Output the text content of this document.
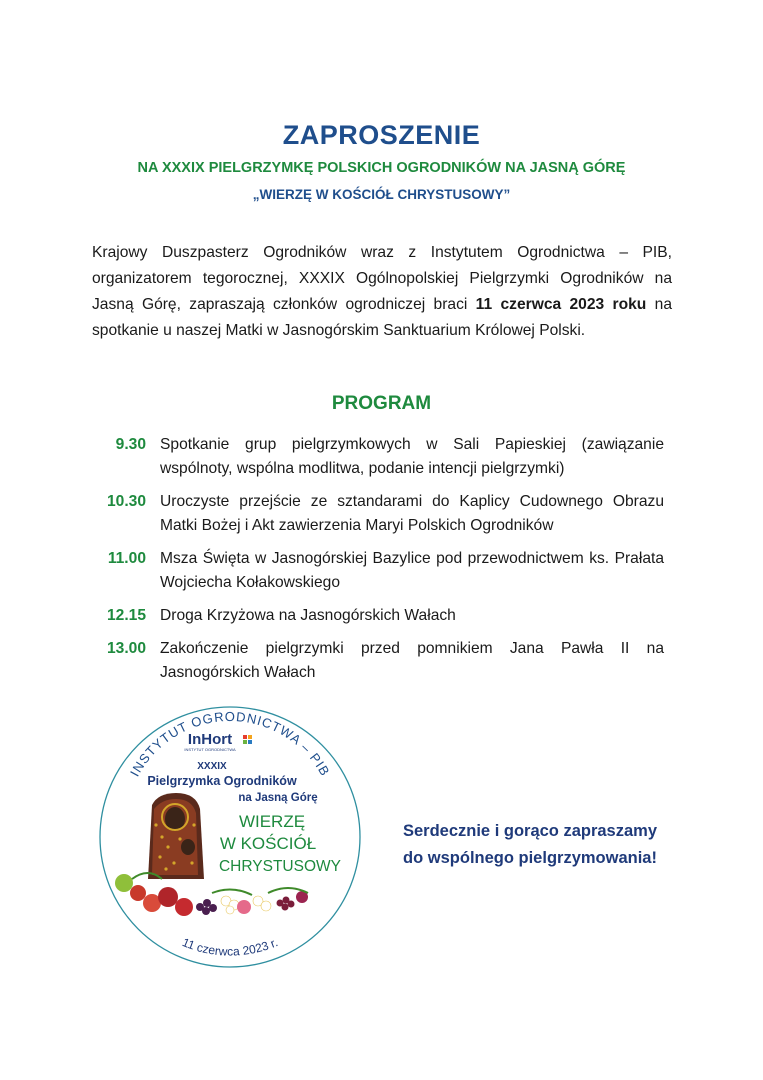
ZAPROSZENIE
NA XXXIX PIELGRZYMKĘ POLSKICH OGRODNIKÓW NA JASNĄ GÓRĘ
„WIERZĘ W KOŚCIÓŁ CHRYSTUSOWY”
Krajowy Duszpasterz Ogrodników wraz z Instytutem Ogrodnictwa – PIB, organizatorem tegorocznej, XXXIX Ogólnopolskiej Pielgrzymki Ogrodników na Jasną Górę, zapraszają członków ogrodniczej braci 11 czerwca 2023 roku na spotkanie u naszej Matki w Jasnogórskim Sanktuarium Królowej Polski.
PROGRAM
9.30 Spotkanie grup pielgrzymkowych w Sali Papieskiej (zawiązanie wspólnoty, wspólna modlitwa, podanie intencji pielgrzymki)
10.30 Uroczyste przejście ze sztandarami do Kaplicy Cudownego Obrazu Matki Bożej i Akt zawierzenia Maryi Polskich Ogrodników
11.00 Msza Święta w Jasnogórskiej Bazylice pod przewodnictwem ks. Prałata Wojciecha Kołakowskiego
12.15 Droga Krzyżowa na Jasnogórskich Wałach
13.00 Zakończenie pielgrzymki przed pomnikiem Jana Pawła II na Jasnogórskich Wałach
INSTYTUT OGRODNICTWA – PIB
InHort
INSTYTUT OGRODNICTWA
XXXIX
Pielgrzymka Ogrodników
na Jasną Górę
WIERZĘ
W KOŚCIÓŁ
CHRYSTUSOWY
11 czerwca 2023 r.
Serdecznie i gorąco zapraszamy
do wspólnego pielgrzymowania!
